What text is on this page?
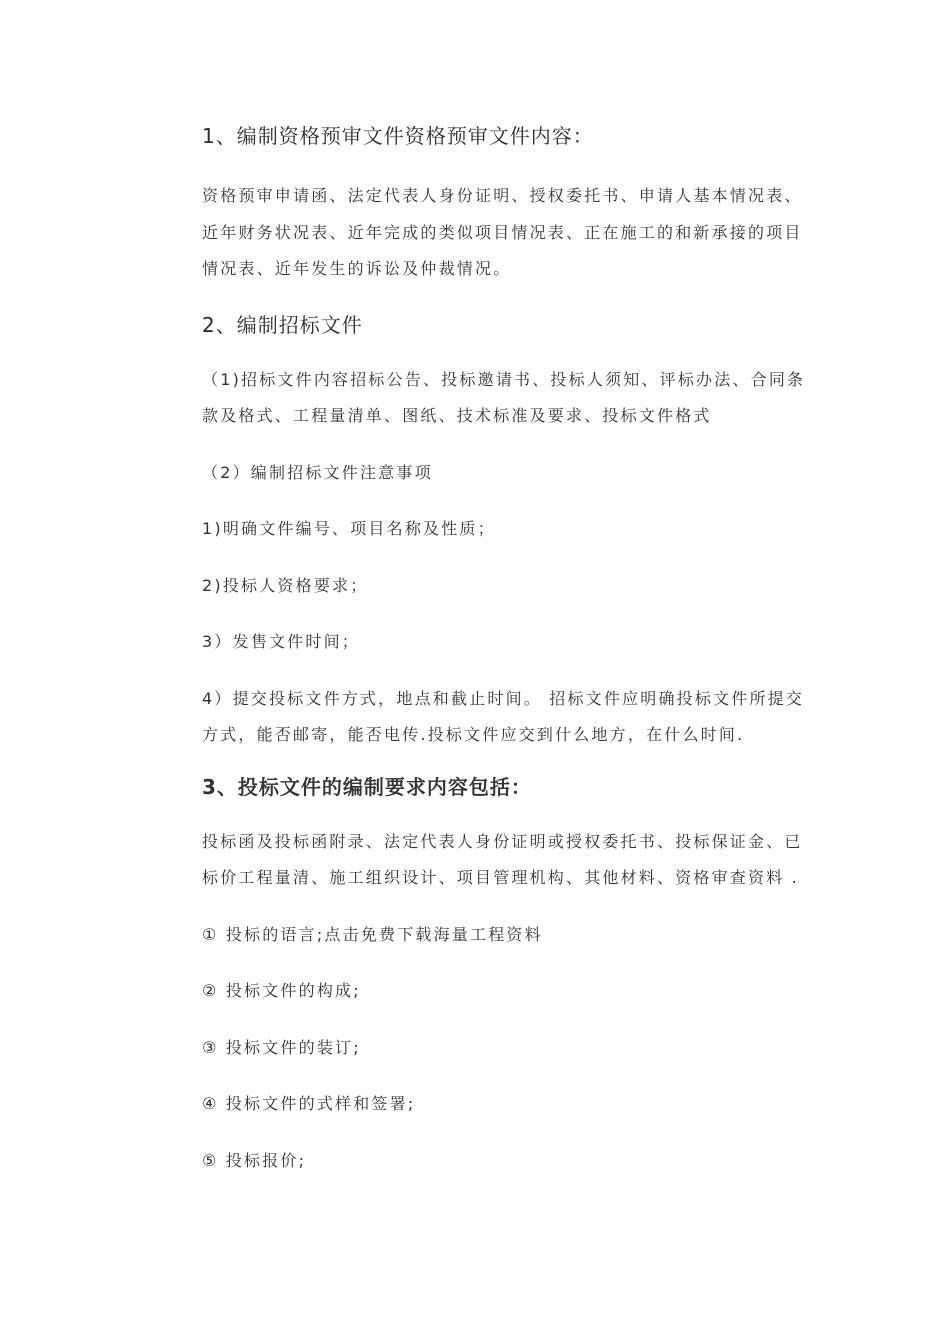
1、编制资格预审文件资格预审文件内容：

资格预审申请函、法定代表人身份证明、授权委托书、申请人基本情况表、近年财务状况表、近年完成的类似项目情况表、正在施工的和新承接的项目情况表、近年发生的诉讼及仲裁情况。

2、编制招标文件

（1)招标文件内容招标公告、投标邀请书、投标人须知、评标办法、合同条款及格式、工程量清单、图纸、技术标准及要求、投标文件格式

（2）编制招标文件注意事项

1)明确文件编号、项目名称及性质；

2)投标人资格要求；

3）发售文件时间；

4）提交投标文件方式，地点和截止时间。 招标文件应明确投标文件所提交方式，能否邮寄，能否电传.投标文件应交到什么地方，在什么时间.

3、投标文件的编制要求内容包括：

投标函及投标函附录、法定代表人身份证明或授权委托书、投标保证金、已标价工程量清、施工组织设计、项目管理机构、其他材料、资格审查资料 .

① 投标的语言;点击免费下载海量工程资料

② 投标文件的构成;

③ 投标文件的装订;

④ 投标文件的式样和签署;

⑤ 投标报价;
